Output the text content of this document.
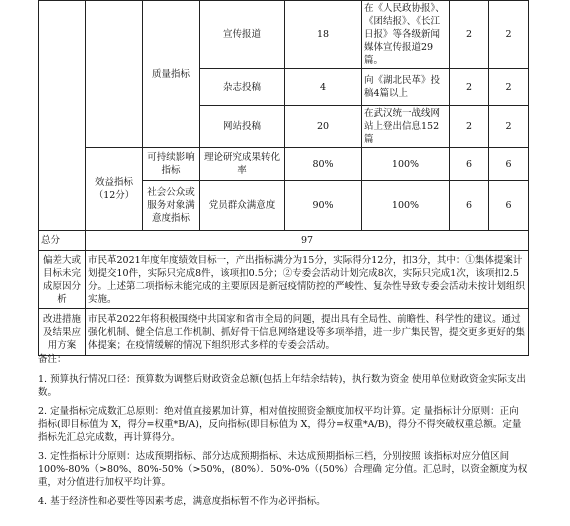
		质量指标	宣传报道	18	在《人民政协报》、《团结报》、《长江日报》等各级新闻媒体宣传报道29篇。	2	2
			杂志投稿	4	向《湖北民革》投稿4篇以上	2	2
			网站投稿	20	在武汉统一战线网站上登出信息152篇	2	2
	效益指标（12分）	可持续影响指标	理论研究成果转化率	80%	100%	6	6
		社会公众或服务对象满意度指标	党员群众满意度	90%	100%	6	6
总分	97						
偏差大或目标未完成原因分析	市民革2021年度年度绩效目标一，产出指标满分为15分，实际得分12分，扣3分，其中：①集体提案计划提交10件，实际只完成8件，该项扣0.5分；②专委会活动计划完成8次，实际只完成1次，该项扣2.5分。上述第二项指标未能完成的主要原因是新冠疫情防控的严峻性、复杂性导致专委会活动未按计划组织实施。						
改进措施及结果应用方案	市民革2022年将积极围绕中共国家和省市全局的问题，提出具有全局性、前瞻性、科学性的建议。通过强化机制、健全信息工作机制、抓好骨干信息网络建设等多项举措，进一步广集民智，提交更多更好的集体提案；在疫情缓解的情况下组织形式多样的专委会活动。						

备注：

1. 预算执行情况口径：预算数为调整后财政资金总额(包括上年结余结转)，执行数为资金 使用单位财政资金实际支出数。

2. 定量指标完成数汇总原则：绝对值直接累加计算，相对值按照资金额度加权平均计算。定 量指标计分原则：正向指标(即目标值为 X，得分=权重*B/A)，反向指标(即目标值为 X，得分=权重*A/B)，得分不得突破权重总额。定量指标先汇总完成数，再计算得分。

3. 定性指标计分原则：达成预期指标、部分达成预期指标、未达成预期指标三档，分别按照 该指标对应分值区间 100%-80%（>80%、80%-50%（>50%，(80%）．50%-0%（(50%）合理确 定分值。汇总时，以资金额度为权重，对分值进行加权平均计算。

4. 基于经济性和必要性等因素考虑，满意度指标暂不作为必评指标。
